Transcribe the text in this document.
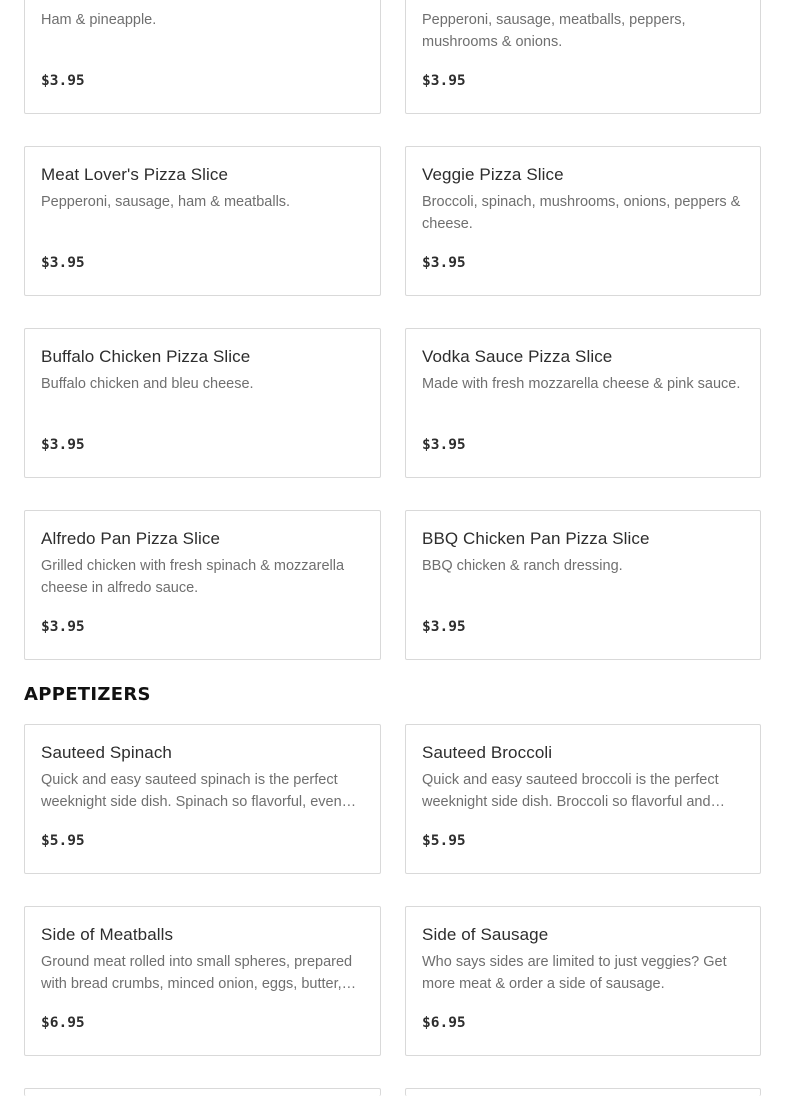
Ham & pineapple.
$3.95
Pepperoni, sausage, meatballs, peppers, mushrooms & onions.
$3.95
Meat Lover's Pizza Slice
Pepperoni, sausage, ham & meatballs.
$3.95
Veggie Pizza Slice
Broccoli, spinach, mushrooms, onions, peppers & cheese.
$3.95
Buffalo Chicken Pizza Slice
Buffalo chicken and bleu cheese.
$3.95
Vodka Sauce Pizza Slice
Made with fresh mozzarella cheese & pink sauce.
$3.95
Alfredo Pan Pizza Slice
Grilled chicken with fresh spinach & mozzarella cheese in alfredo sauce.
$3.95
BBQ Chicken Pan Pizza Slice
BBQ chicken & ranch dressing.
$3.95
APPETIZERS
Sauteed Spinach
Quick and easy sauteed spinach is the perfect weeknight side dish. Spinach so flavorful, even…
$5.95
Sauteed Broccoli
Quick and easy sauteed broccoli is the perfect weeknight side dish. Broccoli so flavorful and…
$5.95
Side of Meatballs
Ground meat rolled into small spheres, prepared with bread crumbs, minced onion, eggs, butter,…
$6.95
Side of Sausage
Who says sides are limited to just veggies? Get more meat & order a side of sausage.
$6.95
